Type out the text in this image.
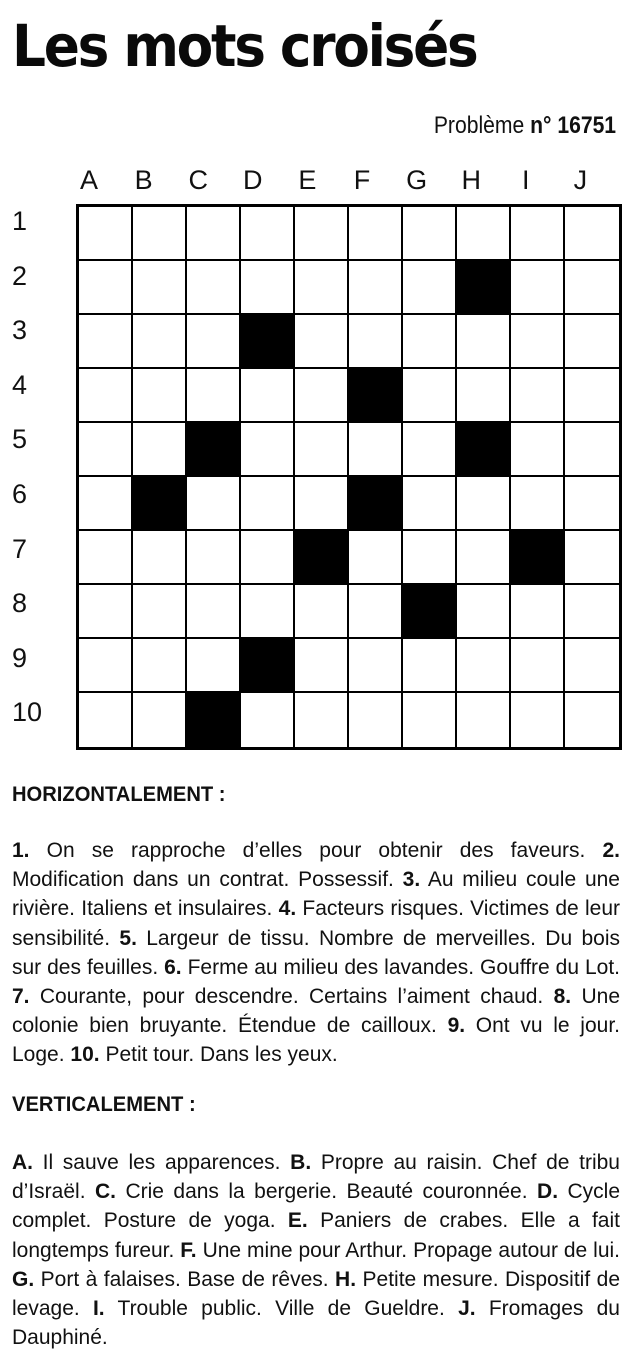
Les mots croisés
Problème n° 16751
A	B	C	D	E	F	G	H	I	J
1
2
3
4
5
6
7
8
9
10
HORIZONTALEMENT :
1. On se rapproche d’elles pour obtenir des faveurs. 2. Modification dans un contrat. Possessif. 3. Au milieu coule une rivière. Italiens et insulaires. 4. Facteurs risques. Victimes de leur sensibilité. 5. Largeur de tissu. Nombre de merveilles. Du bois sur des feuilles. 6. Ferme au milieu des lavandes. Gouffre du Lot. 7. Courante, pour descendre. Certains l’aiment chaud. 8. Une colonie bien bruyante. Étendue de cailloux. 9. Ont vu le jour. Loge. 10. Petit tour. Dans les yeux.
VERTICALEMENT :
A. Il sauve les apparences. B. Propre au raisin. Chef de tribu d’Israël. C. Crie dans la bergerie. Beauté couronnée. D. Cycle complet. Posture de yoga. E. Paniers de crabes. Elle a fait longtemps fureur. F. Une mine pour Arthur. Propage autour de lui. G. Port à falaises. Base de rêves. H. Petite mesure. Dispositif de levage. I. Trouble public. Ville de Gueldre. J. Fromages du Dauphiné.
